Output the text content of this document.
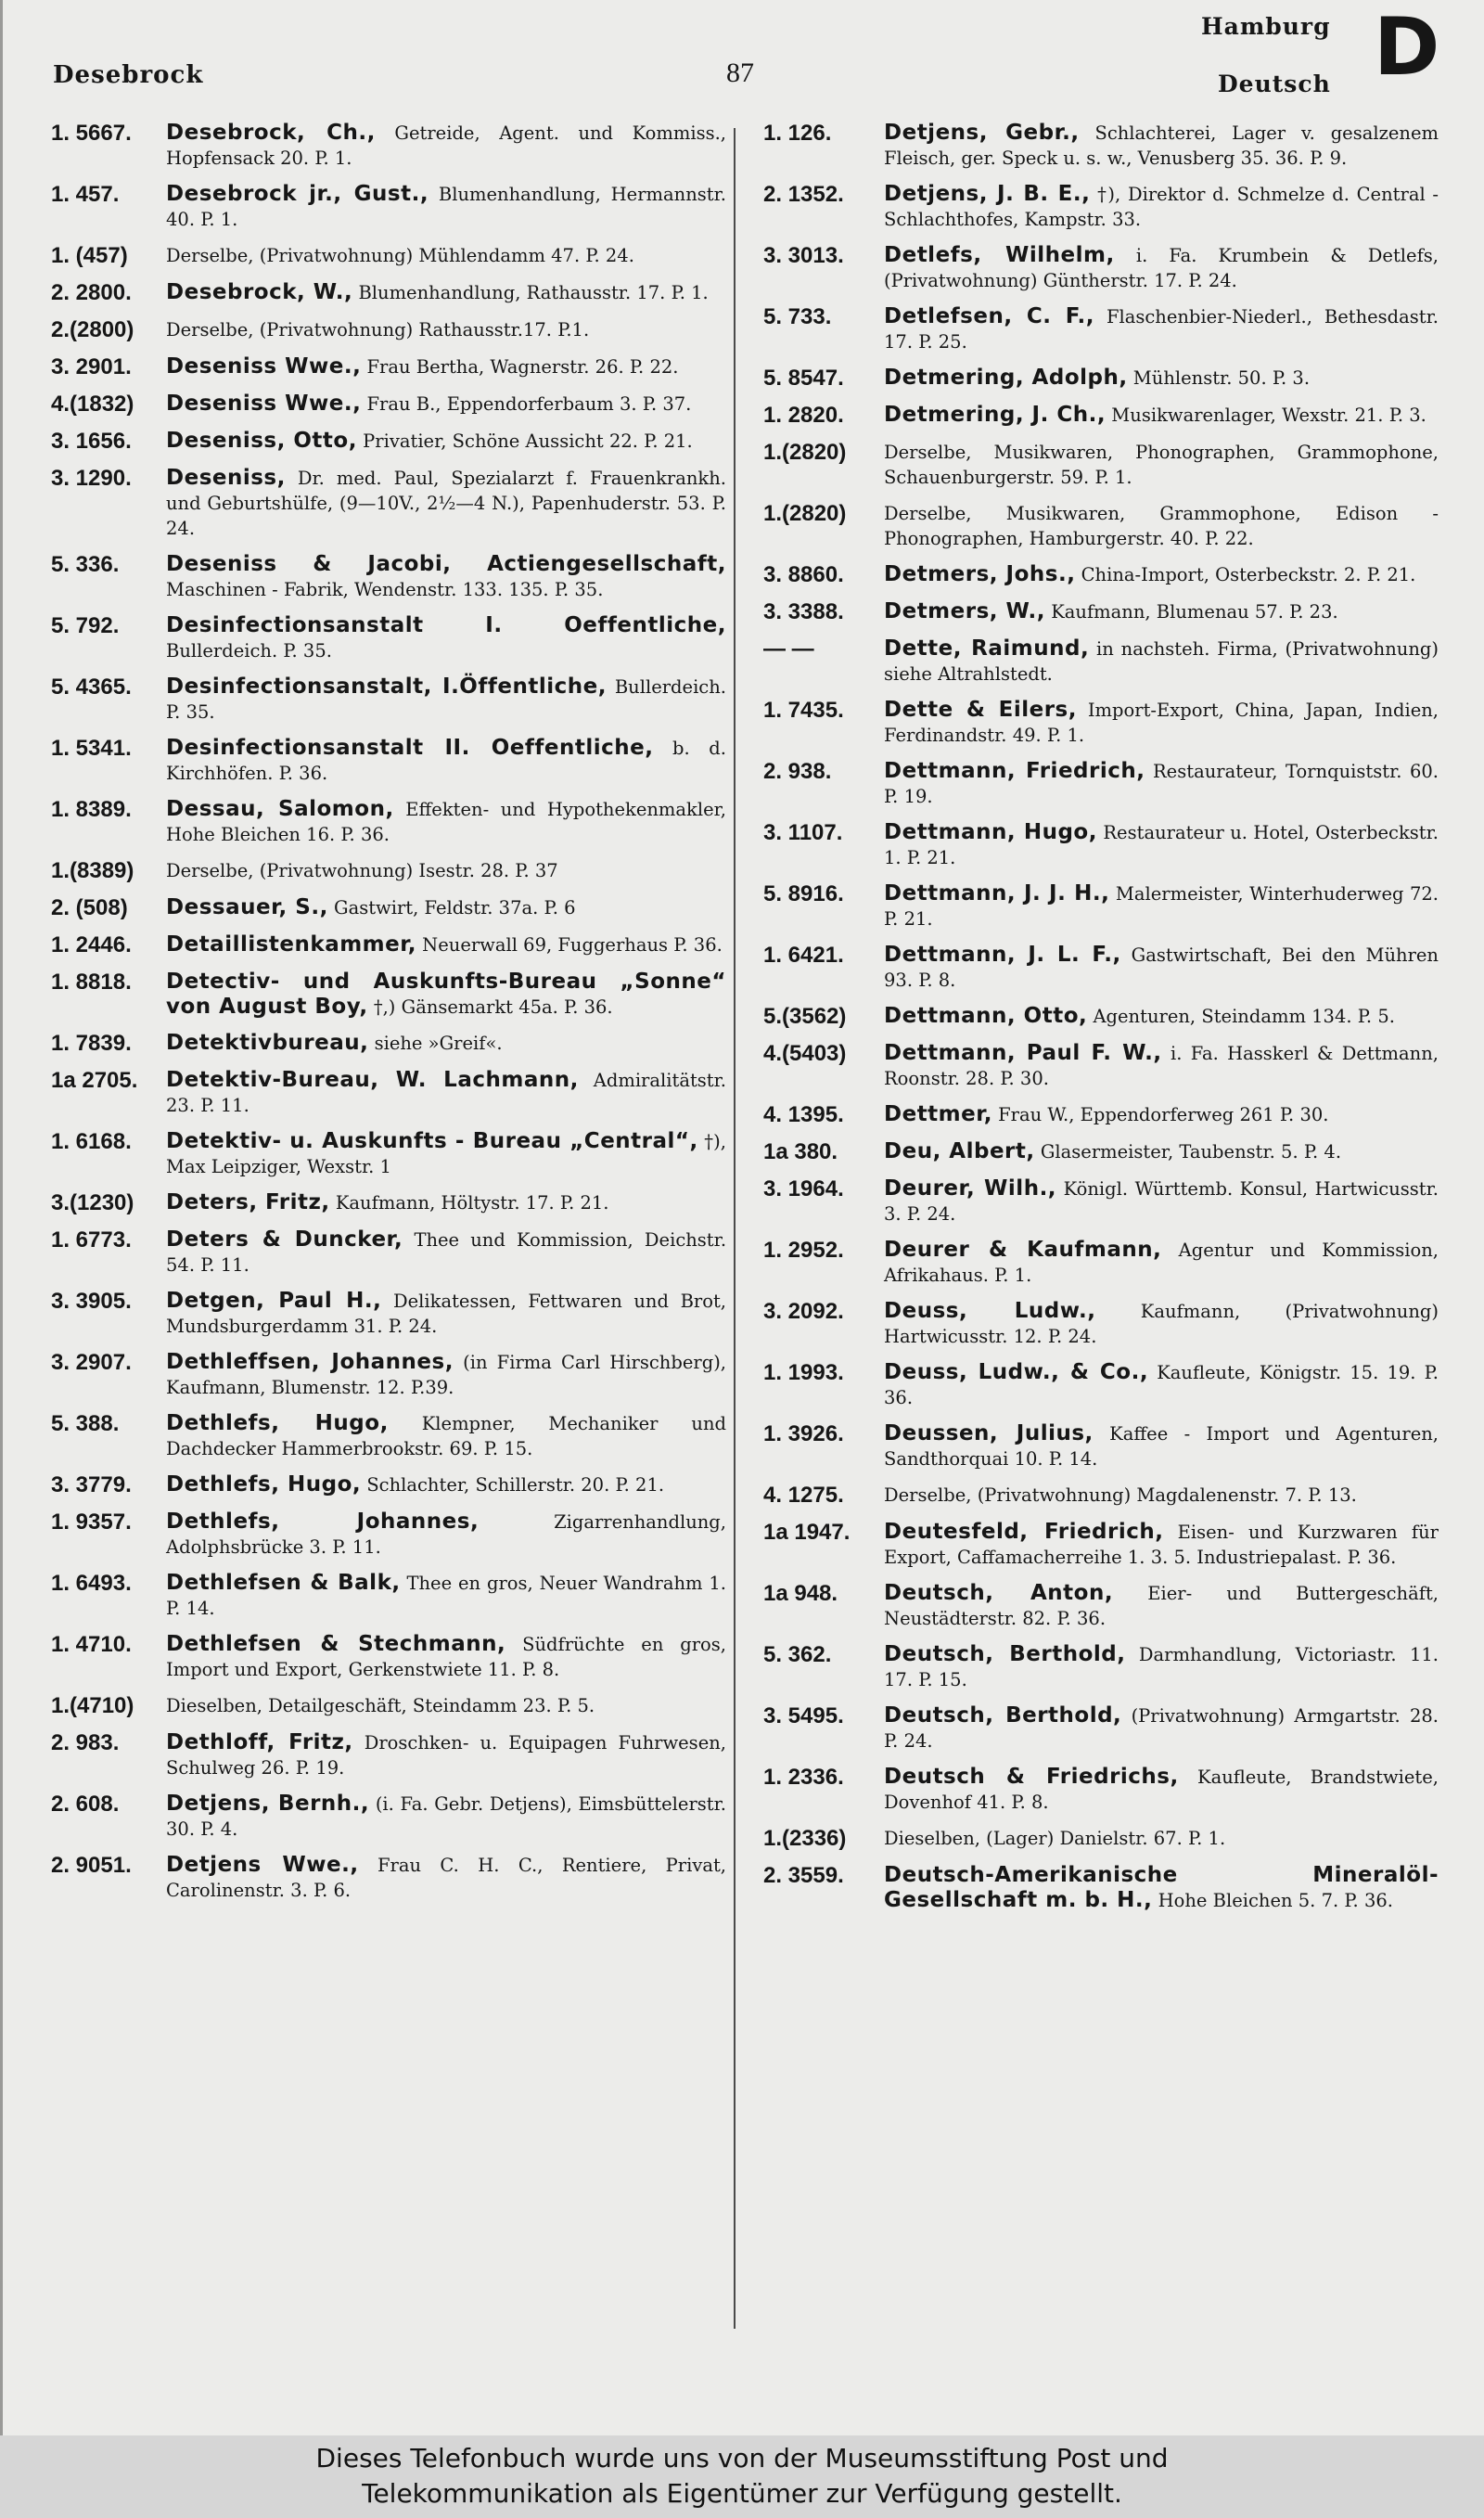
Desebrock	87
Hamburg
Deutsch D
1. 5667.	Desebrock, Ch., Getreide, Agent. und Kommiss., Hopfensack 20. P. 1.
1. 457.	Desebrock jr., Gust., Blumenhandlung, Hermannstr. 40. P. 1.
1. (457)	Derselbe, (Privatwohnung) Mühlendamm 47. P. 24.
2. 2800.	Desebrock, W., Blumenhandlung, Rathausstr. 17. P. 1.
2.(2800)	Derselbe, (Privatwohnung) Rathausstr.17. P.1.
3. 2901.	Deseniss Wwe., Frau Bertha, Wagnerstr. 26. P. 22.
4.(1832)	Deseniss Wwe., Frau B., Eppendorferbaum 3. P. 37.
3. 1656.	Deseniss, Otto, Privatier, Schöne Aussicht 22. P. 21.
3. 1290.	Deseniss, Dr. med. Paul, Spezialarzt f. Frauenkrankh. und Geburtshülfe, (9—10V., 2½—4 N.), Papenhuderstr. 53. P. 24.
5. 336.	Deseniss & Jacobi, Actiengesellschaft, Maschinen - Fabrik, Wendenstr. 133. 135. P. 35.
5. 792.	Desinfectionsanstalt I. Oeffentliche, Bullerdeich. P. 35.
5. 4365.	Desinfectionsanstalt, I.Öffentliche, Bullerdeich. P. 35.
1. 5341.	Desinfectionsanstalt II. Oeffentliche, b. d. Kirchhöfen. P. 36.
1. 8389.	Dessau, Salomon, Effekten- und Hypothekenmakler, Hohe Bleichen 16. P. 36.
1.(8389)	Derselbe, (Privatwohnung) Isestr. 28. P. 37
2. (508)	Dessauer, S., Gastwirt, Feldstr. 37a. P. 6
1. 2446.	Detaillistenkammer, Neuerwall 69, Fuggerhaus P. 36.
1. 8818.	Detectiv- und Auskunfts-Bureau „Sonne“ von August Boy, †,) Gänsemarkt 45a. P. 36.
1. 7839.	Detektivbureau, siehe »Greif«.
1a 2705.	Detektiv-Bureau, W. Lachmann, Admiralitätstr. 23. P. 11.
1. 6168.	Detektiv- u. Auskunfts - Bureau „Central“, †), Max Leipziger, Wexstr. 1
3.(1230)	Deters, Fritz, Kaufmann, Höltystr. 17. P. 21.
1. 6773.	Deters & Duncker, Thee und Kommission, Deichstr. 54. P. 11.
3. 3905.	Detgen, Paul H., Delikatessen, Fettwaren und Brot, Mundsburgerdamm 31. P. 24.
3. 2907.	Dethleffsen, Johannes, (in Firma Carl Hirschberg), Kaufmann, Blumenstr. 12. P.39.
5. 388.	Dethlefs, Hugo, Klempner, Mechaniker und Dachdecker Hammerbrookstr. 69. P. 15.
3. 3779.	Dethlefs, Hugo, Schlachter, Schillerstr. 20. P. 21.
1. 9357.	Dethlefs, Johannes,	Zigarrenhandlung, Adolphsbrücke 3. P. 11.
1. 6493.	Dethlefsen & Balk, Thee en gros, Neuer Wandrahm 1. P. 14.
1. 4710.	Dethlefsen & Stechmann, Südfrüchte en gros, Import und Export, Gerkenstwiete 11. P. 8.
1.(4710)	Dieselben, Detailgeschäft, Steindamm 23. P. 5.
2. 983.	Dethloff, Fritz, Droschken- u. Equipagen Fuhrwesen, Schulweg 26. P. 19.
2. 608.	Detjens, Bernh., (i. Fa. Gebr. Detjens), Eimsbüttelerstr. 30. P. 4.
2. 9051.	Detjens Wwe., Frau C. H. C., Rentiere, Privat, Carolinenstr. 3. P. 6.
1. 126.	Detjens, Gebr., Schlachterei, Lager v. gesalzenem Fleisch, ger. Speck u. s. w., Venusberg 35. 36. P. 9.
2. 1352.	Detjens, J. B. E., †), Direktor d. Schmelze d. Central - Schlachthofes, Kampstr. 33.
3. 3013.	Detlefs, Wilhelm, i. Fa. Krumbein & Detlefs, (Privatwohnung) Güntherstr. 17. P. 24.
5. 733.	Detlefsen, C. F., Flaschenbier-Niederl., Bethesdastr. 17. P. 25.
5. 8547.	Detmering, Adolph, Mühlenstr. 50. P. 3.
1. 2820.	Detmering, J. Ch., Musikwarenlager, Wexstr. 21. P. 3.
1.(2820)	Derselbe, Musikwaren, Phonographen, Grammophone, Schauenburgerstr. 59. P. 1.
1.(2820)	Derselbe, Musikwaren, Grammophone, Edison - Phonographen, Hamburgerstr. 40. P. 22.
3. 8860.	Detmers, Johs., China-Import, Osterbeckstr. 2. P. 21.
3. 3388.	Detmers, W., Kaufmann, Blumenau 57. P. 23.
— —	Dette, Raimund, in nachsteh. Firma, (Privatwohnung) siehe Altrahlstedt.
1. 7435.	Dette & Eilers, Import-Export, China, Japan, Indien, Ferdinandstr. 49. P. 1.
2. 938.	Dettmann, Friedrich, Restaurateur, Tornquiststr. 60. P. 19.
3. 1107.	Dettmann, Hugo, Restaurateur u. Hotel, Osterbeckstr. 1. P. 21.
5. 8916.	Dettmann, J. J. H., Malermeister, Winterhuderweg 72. P. 21.
1. 6421.	Dettmann, J. L. F., Gastwirtschaft, Bei den Mühren 93. P. 8.
5.(3562)	Dettmann, Otto, Agenturen, Steindamm 134. P. 5.
4.(5403)	Dettmann, Paul F. W., i. Fa. Hasskerl & Dettmann, Roonstr. 28. P. 30.
4. 1395.	Dettmer, Frau W., Eppendorferweg 261 P. 30.
1a 380.	Deu, Albert, Glasermeister, Taubenstr. 5. P. 4.
3. 1964.	Deurer, Wilh., Königl. Württemb. Konsul, Hartwicusstr. 3. P. 24.
1. 2952.	Deurer & Kaufmann, Agentur und Kommission, Afrikahaus. P. 1.
3. 2092.	Deuss, Ludw., Kaufmann, (Privatwohnung) Hartwicusstr. 12. P. 24.
1. 1993.	Deuss, Ludw., & Co., Kaufleute, Königstr. 15. 19. P. 36.
1. 3926.	Deussen, Julius, Kaffee - Import und Agenturen, Sandthorquai 10. P. 14.
4. 1275.	Derselbe, (Privatwohnung) Magdalenenstr. 7. P. 13.
1a 1947.	Deutesfeld, Friedrich, Eisen- und Kurzwaren für Export, Caffamacherreihe 1. 3. 5. Industriepalast. P. 36.
1a 948.	Deutsch, Anton, Eier- und Buttergeschäft, Neustädterstr. 82. P. 36.
5. 362.	Deutsch, Berthold, Darmhandlung, Victoriastr. 11. 17. P. 15.
3. 5495.	Deutsch, Berthold, (Privatwohnung) Armgartstr. 28. P. 24.
1. 2336.	Deutsch & Friedrichs, Kaufleute, Brandstwiete, Dovenhof 41. P. 8.
1.(2336)	Dieselben, (Lager) Danielstr. 67. P. 1.
2. 3559.	Deutsch-Amerikanische Mineralöl-Gesellschaft m. b. H., Hohe Bleichen 5. 7. P. 36.
Dieses Telefonbuch wurde uns von der Museumsstiftung Post und
Telekommunikation als Eigentümer zur Verfügung gestellt.
